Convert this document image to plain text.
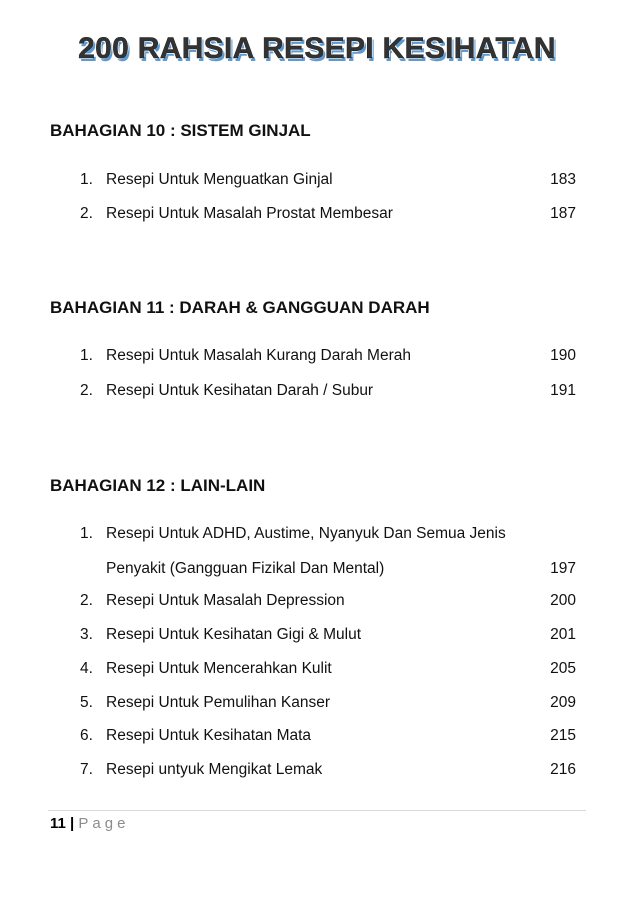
200 RAHSIA RESEPI KESIHATAN
BAHAGIAN 10 : SISTEM GINJAL
1. Resepi Untuk Menguatkan Ginjal	183
2. Resepi Untuk Masalah Prostat Membesar	187
BAHAGIAN 11 : DARAH & GANGGUAN DARAH
1. Resepi Untuk Masalah Kurang Darah Merah	190
2. Resepi Untuk Kesihatan Darah / Subur	191
BAHAGIAN 12 : LAIN-LAIN
1. Resepi Untuk ADHD, Austime, Nyanyuk Dan Semua Jenis
Penyakit (Gangguan Fizikal Dan Mental)	197
2. Resepi Untuk Masalah Depression	200
3. Resepi Untuk Kesihatan Gigi & Mulut	201
4. Resepi Untuk Mencerahkan Kulit	205
5. Resepi Untuk Pemulihan Kanser	209
6. Resepi Untuk Kesihatan Mata	215
7. Resepi untyuk Mengikat Lemak	216
11 | Page
